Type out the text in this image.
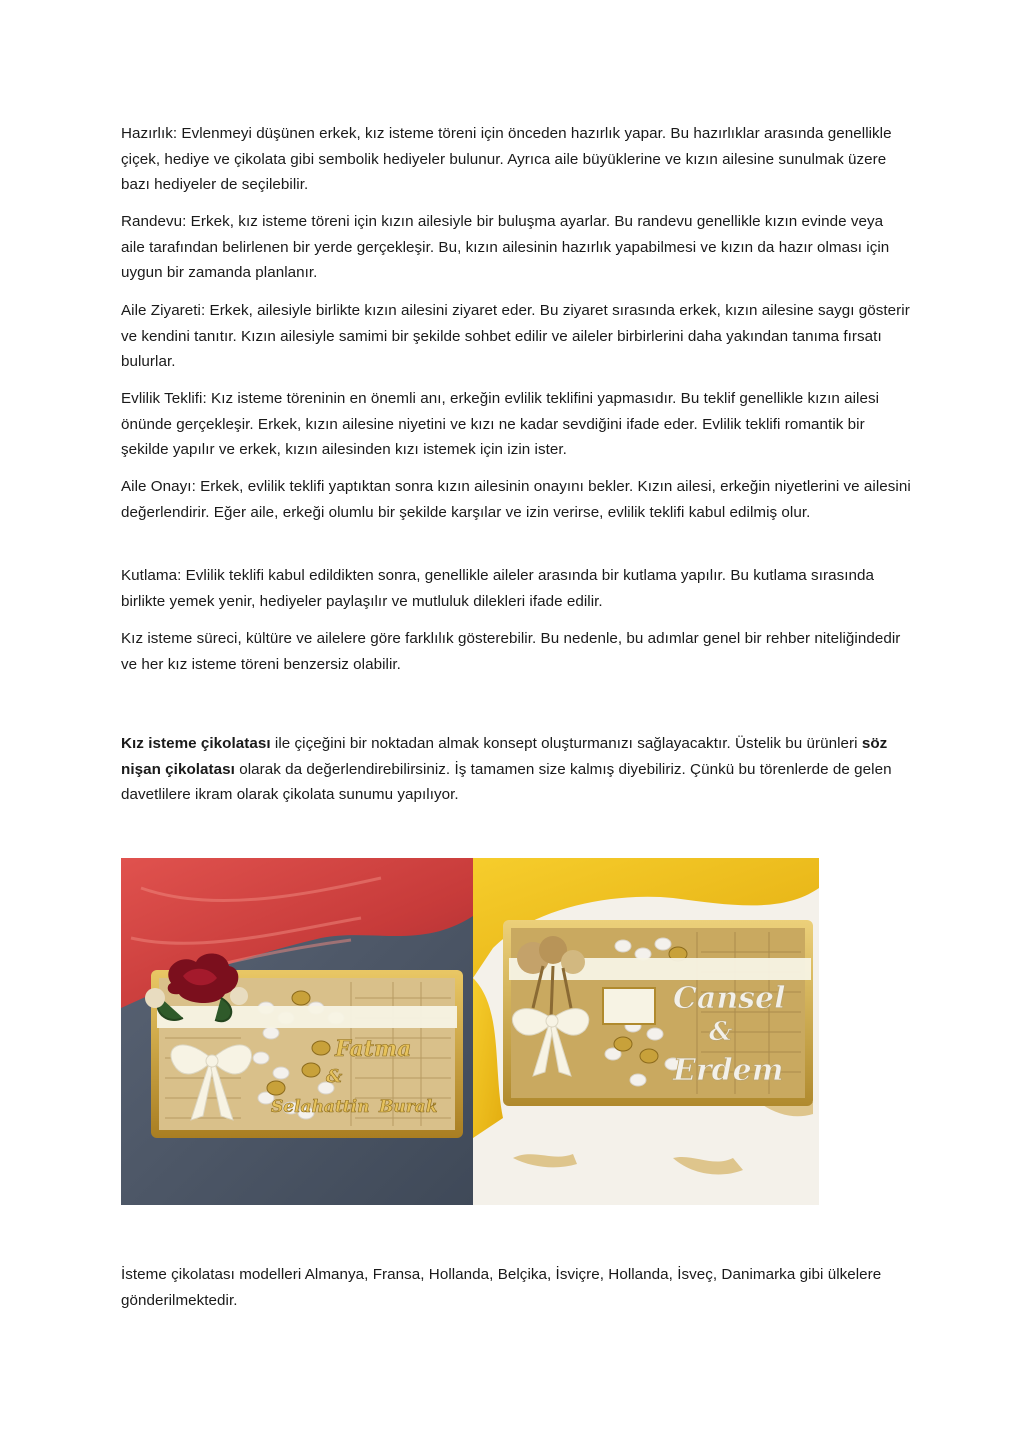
Hazırlık: Evlenmeyi düşünen erkek, kız isteme töreni için önceden hazırlık yapar. Bu hazırlıklar arasında genellikle çiçek, hediye ve çikolata gibi sembolik hediyeler bulunur. Ayrıca aile büyüklerine ve kızın ailesine sunulmak üzere bazı hediyeler de seçilebilir.

Randevu: Erkek, kız isteme töreni için kızın ailesiyle bir buluşma ayarlar. Bu randevu genellikle kızın evinde veya aile tarafından belirlenen bir yerde gerçekleşir. Bu, kızın ailesinin hazırlık yapabilmesi ve kızın da hazır olması için uygun bir zamanda planlanır.

Aile Ziyareti: Erkek, ailesiyle birlikte kızın ailesini ziyaret eder. Bu ziyaret sırasında erkek, kızın ailesine saygı gösterir ve kendini tanıtır. Kızın ailesiyle samimi bir şekilde sohbet edilir ve aileler birbirlerini daha yakından tanıma fırsatı bulurlar.

Evlilik Teklifi: Kız isteme töreninin en önemli anı, erkeğin evlilik teklifini yapmasıdır. Bu teklif genellikle kızın ailesi önünde gerçekleşir. Erkek, kızın ailesine niyetini ve kızı ne kadar sevdiğini ifade eder. Evlilik teklifi romantik bir şekilde yapılır ve erkek, kızın ailesinden kızı istemek için izin ister.

Aile Onayı: Erkek, evlilik teklifi yaptıktan sonra kızın ailesinin onayını bekler. Kızın ailesi, erkeğin niyetlerini ve ailesini değerlendirir. Eğer aile, erkeği olumlu bir şekilde karşılar ve izin verirse, evlilik teklifi kabul edilmiş olur.

Kutlama: Evlilik teklifi kabul edildikten sonra, genellikle aileler arasında bir kutlama yapılır. Bu kutlama sırasında birlikte yemek yenir, hediyeler paylaşılır ve mutluluk dilekleri ifade edilir.

Kız isteme süreci, kültüre ve ailelere göre farklılık gösterebilir. Bu nedenle, bu adımlar genel bir rehber niteliğindedir ve her kız isteme töreni benzersiz olabilir.

Kız isteme çikolatası ile çiçeğini bir noktadan almak konsept oluşturmanızı sağlayacaktır. Üstelik bu ürünleri söz nişan çikolatası olarak da değerlendirebilirsiniz. İş tamamen size kalmış diyebiliriz. Çünkü bu törenlerde de gelen davetlilere ikram olarak çikolata sunumu yapılıyor.

Fatma
&
Selahattin Burak
Cansel
&
Erdem

İsteme çikolatası modelleri Almanya, Fransa, Hollanda, Belçika, İsviçre, Hollanda, İsveç, Danimarka gibi ülkelere gönderilmektedir.
